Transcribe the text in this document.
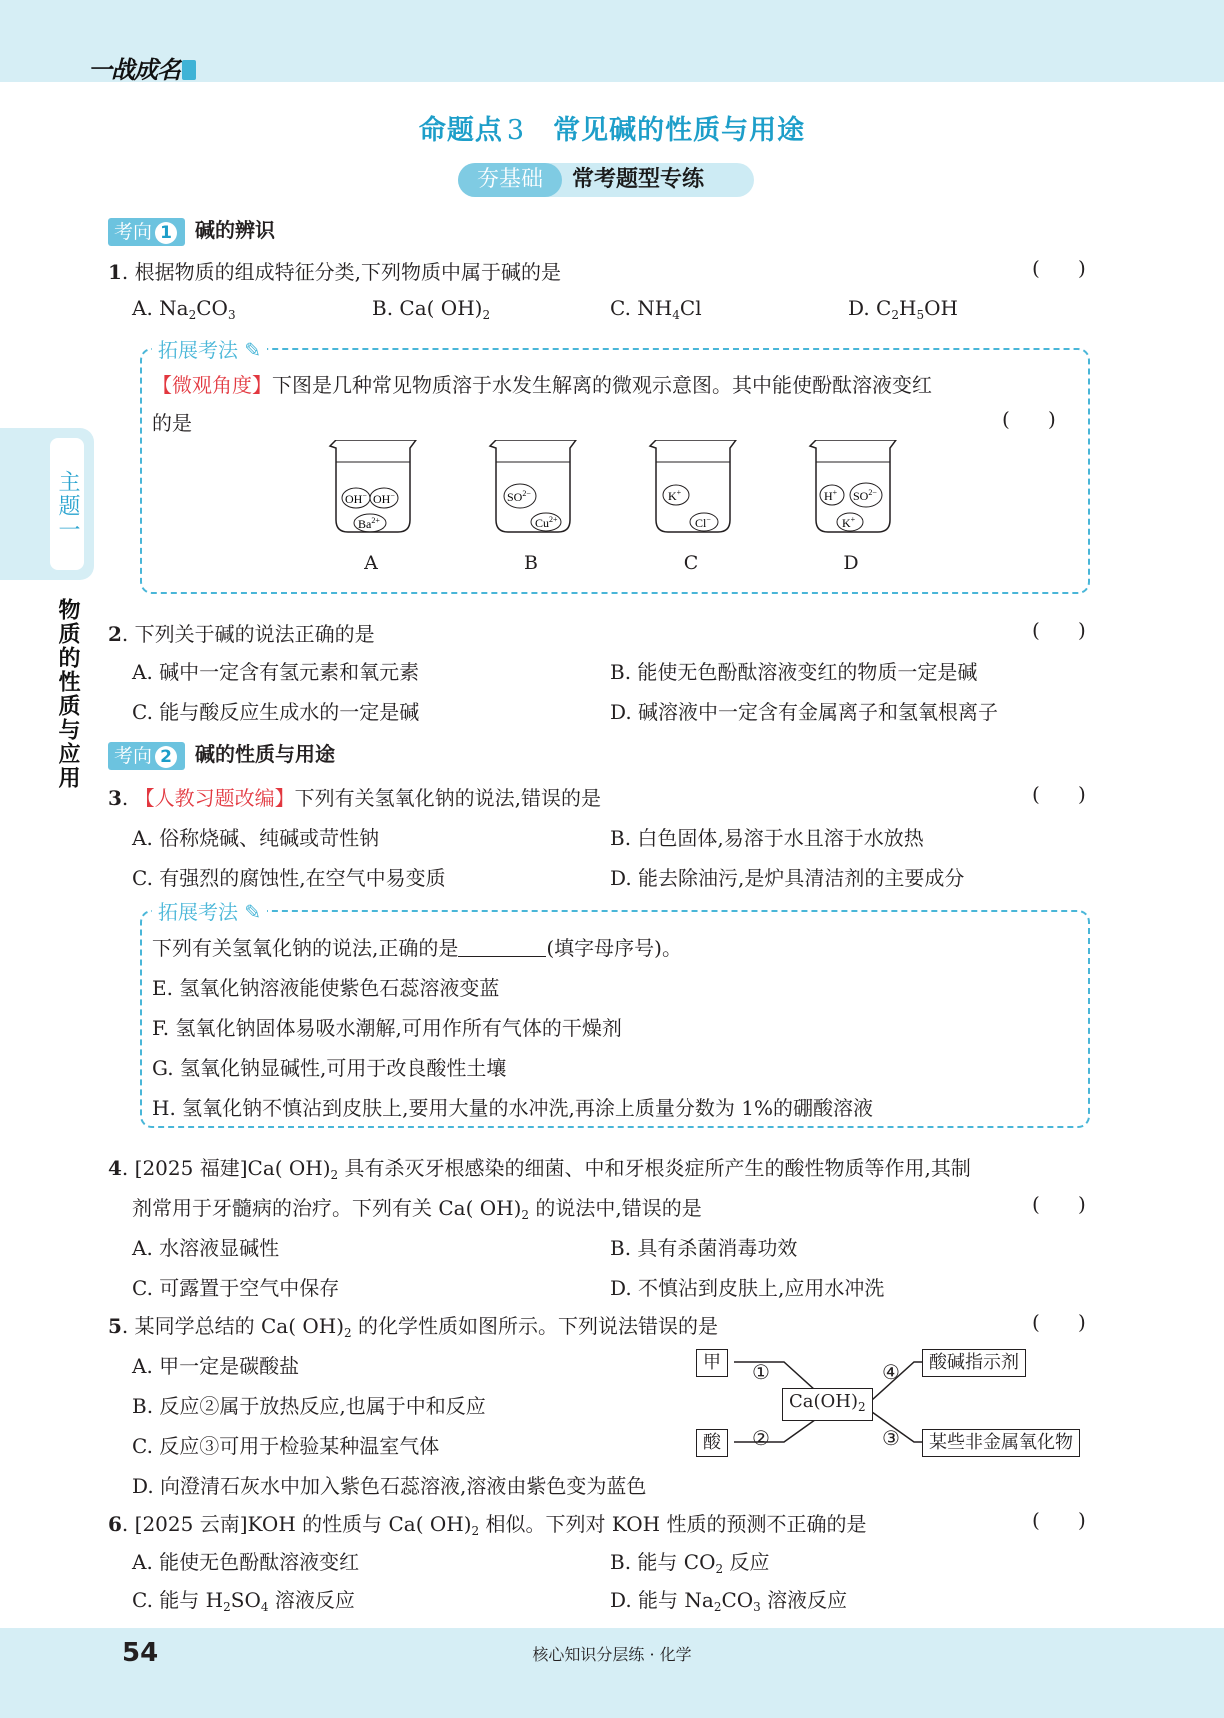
一战成名
54	核心知识分层练 · 化学
主题一
物质的性质与应用
命题点 3 常见碱的性质与用途
夯基础	常考题型专练
考向 1 碱的辨识
1. 根据物质的组成特征分类,下列物质中属于碱的是	(      )
A. $Na_2CO_3$	B. Ca( $OH)_2$	C. $NH_4Cl$	D. $C_2H_5OH$
拓展考法 ✎
【微观角度】下图是几种常见物质溶于水发生解离的微观示意图。其中能使酚酞溶液变红
的是	(      )
OH− OH−
$Ba^{2+}$
$SO^{2-}$
$Cu^{2+}$
K+
Cl−
H+ $SO^{2-}$
K+
A	B	C	D
2. 下列关于碱的说法正确的是	(      )
A. 碱中一定含有氢元素和氧元素	B. 能使无色酚酞溶液变红的物质一定是碱
C. 能与酸反应生成水的一定是碱	D. 碱溶液中一定含有金属离子和氢氧根离子
考向 2 碱的性质与用途
3. 【人教习题改编】下列有关氢氧化钠的说法,错误的是	(      )
A. 俗称烧碱、纯碱或苛性钠	B. 白色固体,易溶于水且溶于水放热
C. 有强烈的腐蚀性,在空气中易变质	D. 能去除油污,是炉具清洁剂的主要成分
拓展考法 ✎
下列有关氢氧化钠的说法,正确的是	(填字母序号)。
E. 氢氧化钠溶液能使紫色石蕊溶液变蓝
F. 氢氧化钠固体易吸水潮解,可用作所有气体的干燥剂
G. 氢氧化钠显碱性,可用于改良酸性土壤
H. 氢氧化钠不慎沾到皮肤上,要用大量的水冲洗,再涂上质量分数为 1%的硼酸溶液
4. [2025 福建]Ca( $OH)_2$ 具有杀灭牙根感染的细菌、中和牙根炎症所产生的酸性物质等作用,其制
剂常用于牙髓病的治疗。下列有关 Ca( $OH)_2$ 的说法中,错误的是	(      )
A. 水溶液显碱性	B. 具有杀菌消毒功效
C. 可露置于空气中保存	D. 不慎沾到皮肤上,应用水冲洗
5. 某同学总结的 Ca( $OH)_2$ 的化学性质如图所示。下列说法错误的是	(      )
A. 甲一定是碳酸盐
B. 反应②属于放热反应,也属于中和反应
C. 反应③可用于检验某种温室气体
D. 向澄清石灰水中加入紫色石蕊溶液,溶液由紫色变为蓝色
甲
酸
$Ca(OH)_2$
酸碱指示剂
某些非金属氧化物
①
②	③
④
6. [2025 云南]KOH 的性质与 Ca( $OH)_2$ 相似。下列对 KOH 性质的预测不正确的是	(      )
A. 能使无色酚酞溶液变红	B. 能与 $CO_2$ 反应
C. 能与 $H_2SO_4$ 溶液反应	D. 能与 $Na_2CO_3$ 溶液反应
